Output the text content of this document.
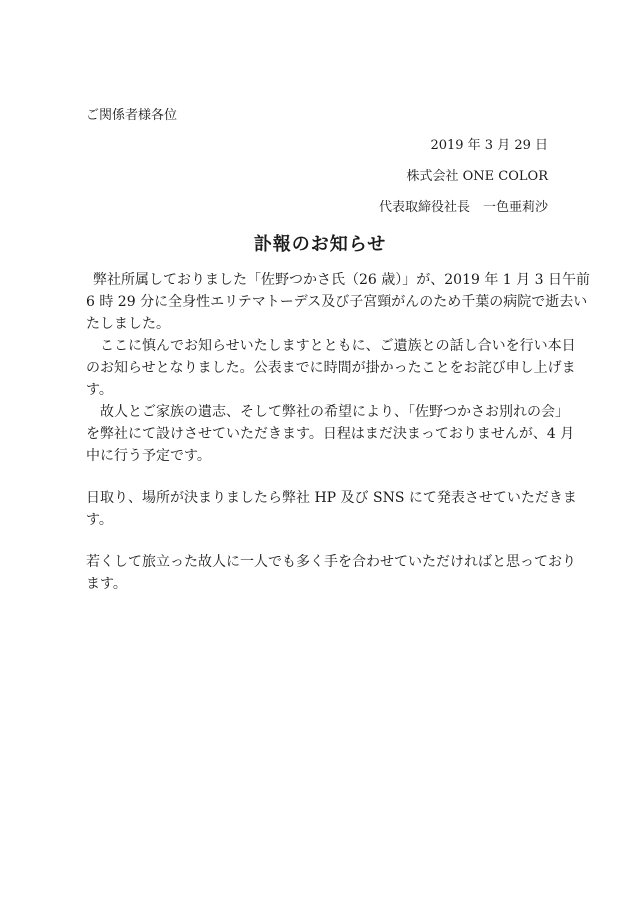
ご関係者様各位
2019 年 3 月 29 日
株式会社 ONE COLOR
代表取締役社長　一色亜莉沙
訃報のお知らせ
弊社所属しておりました「佐野つかさ氏（26 歳）」が、2019 年 1 月 3 日午前
6 時 29 分に全身性エリテマトーデス及び子宮頸がんのため千葉の病院で逝去い
たしました。
　ここに慎んでお知らせいたしますとともに、ご遺族との話し合いを行い本日
のお知らせとなりました。公表までに時間が掛かったことをお詫び申し上げま
す。
　故人とご家族の遺志、そして弊社の希望により、「佐野つかさお別れの会」
を弊社にて設けさせていただきます。日程はまだ決まっておりませんが、4 月
中に行う予定です。
日取り、場所が決まりましたら弊社 HP 及び SNS にて発表させていただきま
す。
若くして旅立った故人に一人でも多く手を合わせていただければと思っており
ます。
